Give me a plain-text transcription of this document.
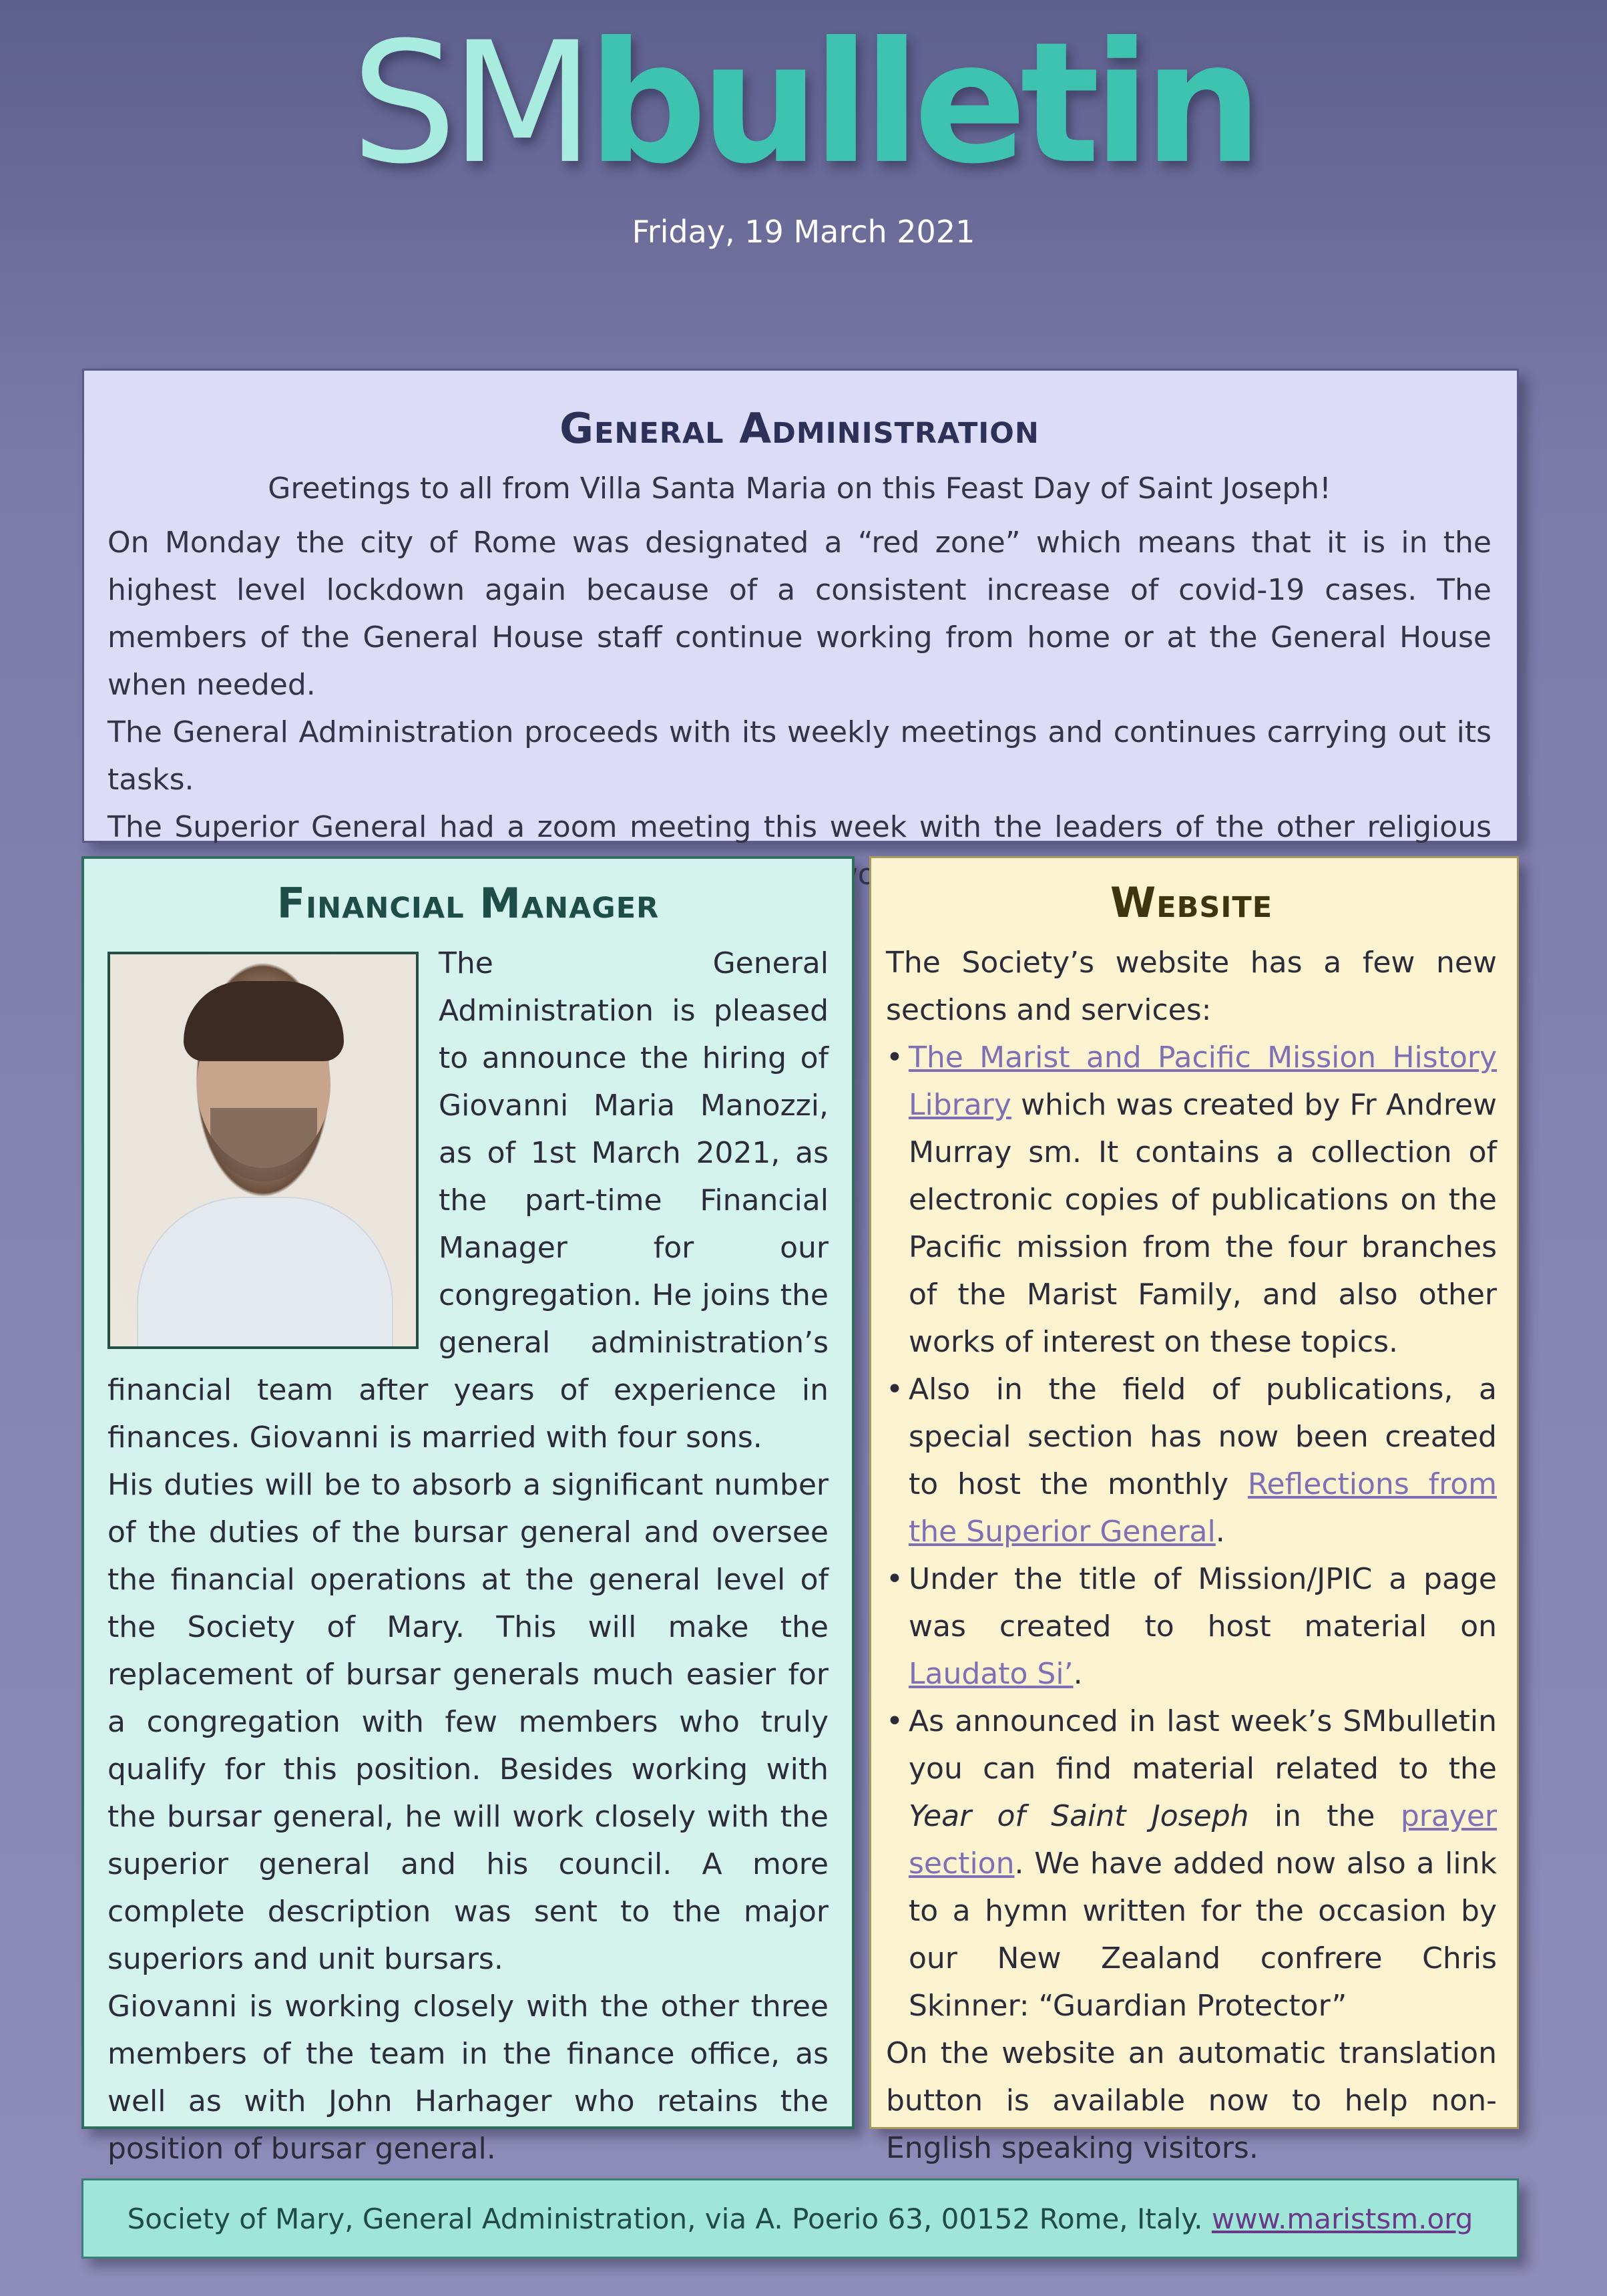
SMbulletin
Friday, 19 March 2021
General Administration

Greetings to all from Villa Santa Maria on this Feast Day of Saint Joseph!

On Monday the city of Rome was designated a “red zone” which means that it is in the highest level lockdown again because of a consistent increase of covid-19 cases. The members of the General House staff continue working from home or at the General House when needed.

The General Administration proceeds with its weekly meetings and continues carrying out its tasks.

The Superior General had a zoom meeting this week with the leaders of the other religious

Financial Manager

The General Administration is pleased to announce the hiring of Giovanni Maria Manozzi, as of 1st March 2021, as the part-time Financial Manager for our congregation. He joins the general administration’s financial team after years of experience in finances. Giovanni is married with four sons.

His duties will be to absorb a significant number of the duties of the bursar general and oversee the financial operations at the general level of the Society of Mary. This will make the replacement of bursar generals much easier for a congregation with few members who truly qualify for this position. Besides working with the bursar general, he will work closely with the superior general and his council. A more complete description was sent to the major superiors and unit bursars.

Giovanni is working closely with the other three members of the team in the finance office, as well as with John Harhager who retains the position of bursar general.

Website

The Society’s website has a few new sections and services:

• The Marist and Pacific Mission History Library which was created by Fr Andrew Murray sm. It contains a collection of electronic copies of publications on the Pacific mission from the four branches of the Marist Family, and also other works of interest on these topics.
• Also in the field of publications, a special section has now been created to host the monthly Reflections from the Superior General.
• Under the title of Mission/JPIC a page was created to host material on Laudato Si’.
• As announced in last week’s SMbulletin you can find material related to the Year of Saint Joseph in the prayer section. We have added now also a link to a hymn written for the occasion by our New Zealand confrere Chris Skinner: “Guardian Protector”

On the website an automatic translation button is available now to help non-English speaking visitors.

Society of Mary, General Administration, via A. Poerio 63, 00152 Rome, Italy. www.maristsm.org
